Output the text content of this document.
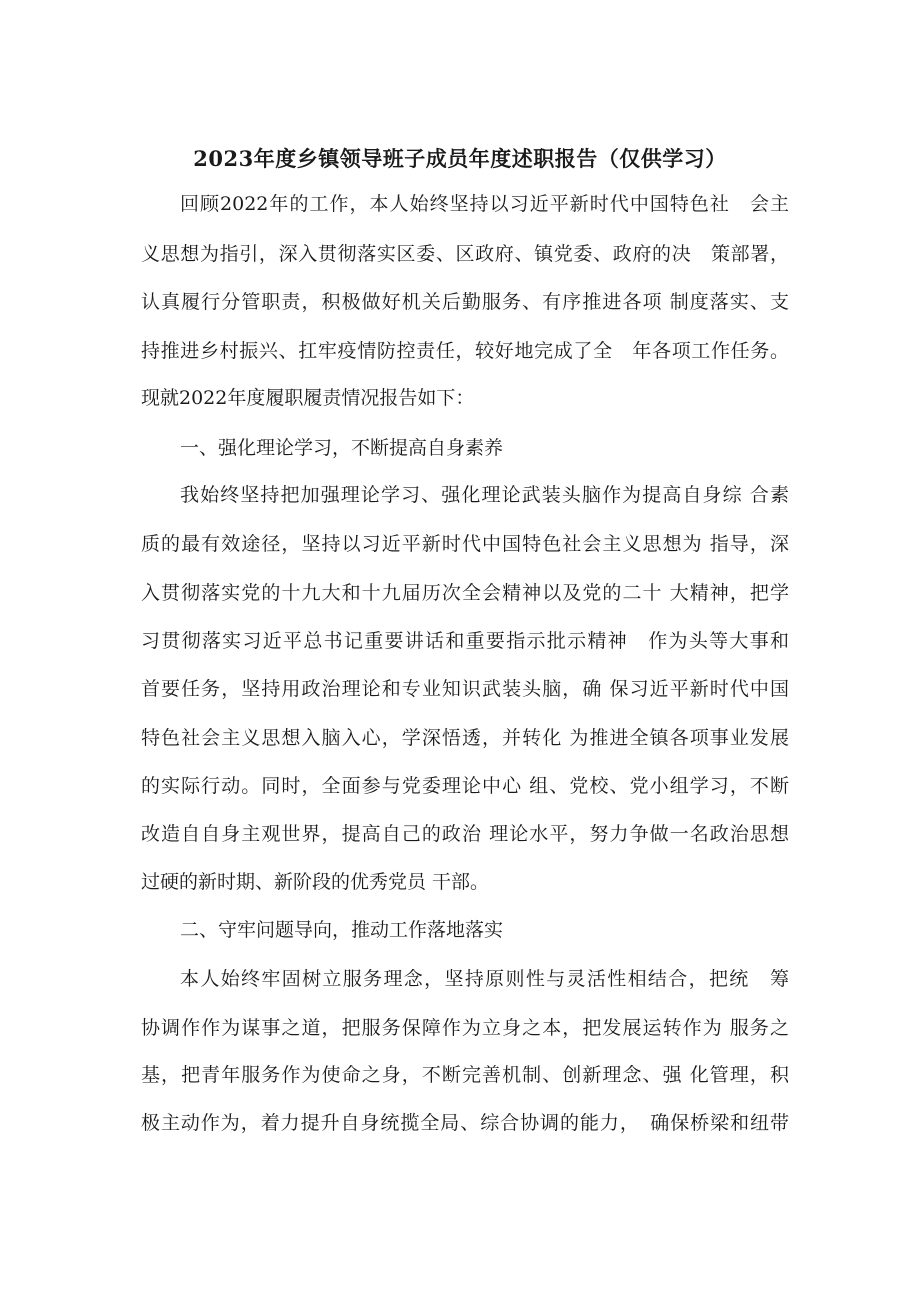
2023年度乡镇领导班子成员年度述职报告（仅供学习）

回顾2022年的工作，本人始终坚持以习近平新时代中国特色社　会主

义思想为指引，深入贯彻落实区委、区政府、镇党委、政府的决　策部署，

认真履行分管职责，积极做好机关后勤服务、有序推进各项 制度落实、支

持推进乡村振兴、扛牢疫情防控责任，较好地完成了全　年各项工作任务。

现就2022年度履职履责情况报告如下：

一、强化理论学习，不断提高自身素养

我始终坚持把加强理论学习、强化理论武装头脑作为提高自身综 合素

质的最有效途径，坚持以习近平新时代中国特色社会主义思想为 指导，深

入贯彻落实党的十九大和十九届历次全会精神以及党的二十 大精神，把学

习贯彻落实习近平总书记重要讲话和重要指示批示精神　作为头等大事和

首要任务，坚持用政治理论和专业知识武装头脑，确 保习近平新时代中国

特色社会主义思想入脑入心，学深悟透，并转化 为推进全镇各项事业发展

的实际行动。同时，全面参与党委理论中心 组、党校、党小组学习，不断

改造自自身主观世界，提高自己的政治 理论水平，努力争做一名政治思想

过硬的新时期、新阶段的优秀党员 干部。

二、守牢问题导向，推动工作落地落实

本人始终牢固树立服务理念，坚持原则性与灵活性相结合，把统　筹

协调作作为谋事之道，把服务保障作为立身之本，把发展运转作为 服务之

基，把青年服务作为使命之身，不断完善机制、创新理念、强 化管理，积

极主动作为，着力提升自身统揽全局、综合协调的能力，　确保桥梁和纽带
